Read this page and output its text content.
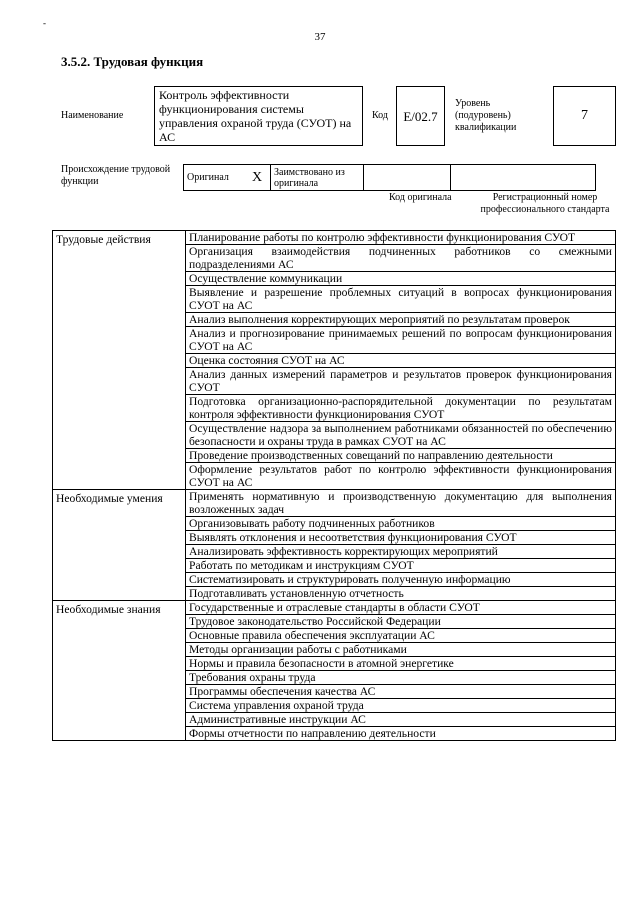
-
37
3.5.2. Трудовая функция
Наименование
Контроль эффективности функционирования системы управления охраной труда (СУОТ) на АС
Код	E/02.7
Уровень (подуровень) квалификации
7
Происхождение трудовой функции	Оригинал	X	Заимствовано из оригинала		
Код оригинала	Регистрационный номер профессионального стандарта
Трудовые действия	Планирование работы по контролю эффективности функционирования СУОТ
	Организация взаимодействия подчиненных работников со смежными подразделениями АС
	Осуществление коммуникации
	Выявление и разрешение проблемных ситуаций в вопросах функционирования СУОТ на АС
	Анализ выполнения корректирующих мероприятий по результатам проверок
	Анализ и прогнозирование принимаемых решений по вопросам функционирования СУОТ на АС
	Оценка состояния СУОТ на АС
	Анализ данных измерений параметров и результатов проверок функционирования СУОТ
	Подготовка организационно-распорядительной документации по результатам контроля эффективности функционирования СУОТ
	Осуществление надзора за выполнением работниками обязанностей по обеспечению безопасности и охраны труда в рамках СУОТ на АС
	Проведение производственных совещаний по направлению деятельности
	Оформление результатов работ по контролю эффективности функционирования СУОТ на АС
Необходимые умения	Применять нормативную и производственную документацию для выполнения возложенных задач
	Организовывать работу подчиненных работников
	Выявлять отклонения и несоответствия функционирования СУОТ
	Анализировать эффективность корректирующих мероприятий
	Работать по методикам и инструкциям СУОТ
	Систематизировать и структурировать полученную информацию
	Подготавливать установленную отчетность
Необходимые знания	Государственные и отраслевые стандарты в области СУОТ
	Трудовое законодательство Российской Федерации
	Основные правила обеспечения эксплуатации АС
	Методы организации работы с работниками
	Нормы и правила безопасности в атомной энергетике
	Требования охраны труда
	Программы обеспечения качества АС
	Система управления охраной труда
	Административные инструкции АС
	Формы отчетности по направлению деятельности
